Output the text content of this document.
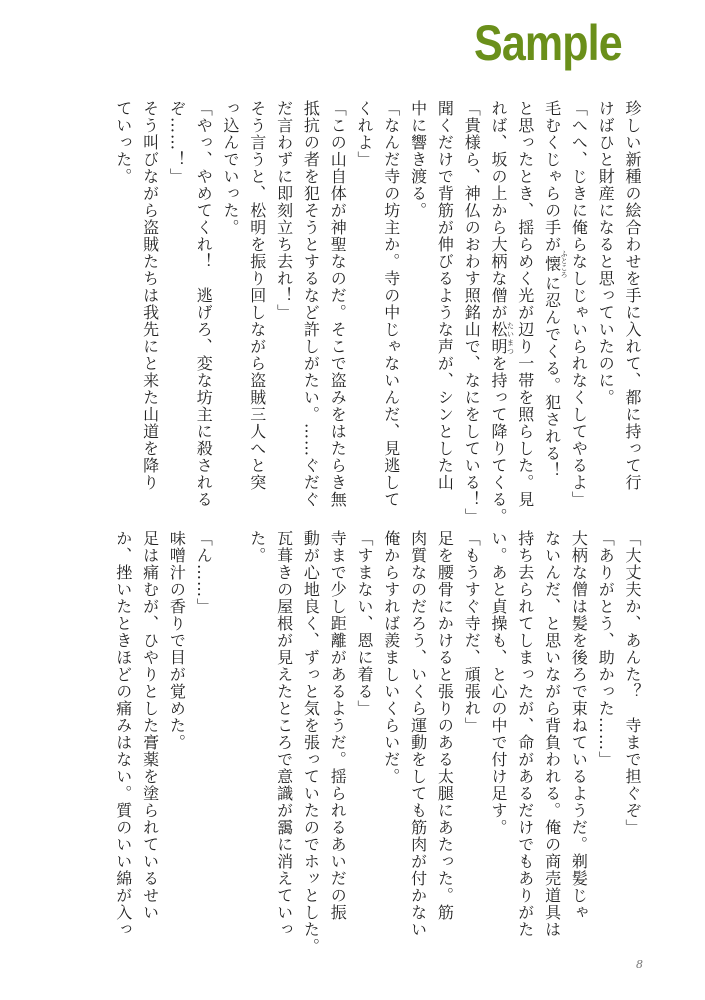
Sample
珍しい新種の絵合わせを手に入れて、都に持って行
けばひと財産になると思っていたのに。
「へへ、じきに俺らなしじゃいられなくしてやるよ」
毛むくじゃらの手が懐ふところに忍んでくる。犯される！
と思ったとき、揺らめく光が辺り一帯を照らした。見
れば、坂の上から大柄な僧が松明たいまつを持って降りてくる。
「貴様ら、神仏のおわす照銘山で、なにをしている！」
聞くだけで背筋が伸びるような声が、シンとした山
中に響き渡る。
「なんだ寺の坊主か。寺の中じゃないんだ、見逃して
くれよ」
「この山自体が神聖なのだ。そこで盗みをはたらき無
抵抗の者を犯そうとするなど許しがたい。……ぐだぐ
だ言わずに即刻立ち去れ！」
そう言うと、松明を振り回しながら盗賊三人へと突
っ込んでいった。
「やっ、やめてくれ！　逃げろ、変な坊主に殺される
ぞ……！」
そう叫びながら盗賊たちは我先にと来た山道を降り
ていった。
「大丈夫か、あんた？　寺まで担ぐぞ」
「ありがとう、助かった……」
大柄な僧は髪を後ろで束ねているようだ。剃髪じゃ
ないんだ、と思いながら背負われる。俺の商売道具は
持ち去られてしまったが、命があるだけでもありがた
い。あと貞操も、と心の中で付け足す。
「もうすぐ寺だ、頑張れ」
足を腰骨にかけると張りのある太腿にあたった。筋
肉質なのだろう、いくら運動をしても筋肉が付かない
俺からすれば羨ましいくらいだ。
「すまない、恩に着る」
寺まで少し距離があるようだ。揺られるあいだの振
動が心地良く、ずっと気を張っていたのでホッとした。
瓦葺きの屋根が見えたところで意識が靄に消えていっ
た。
「ん……」
味噌汁の香りで目が覚めた。
足は痛むが、ひやりとした膏薬を塗られているせい
か、挫いたときほどの痛みはない。質のいい綿が入っ
8
